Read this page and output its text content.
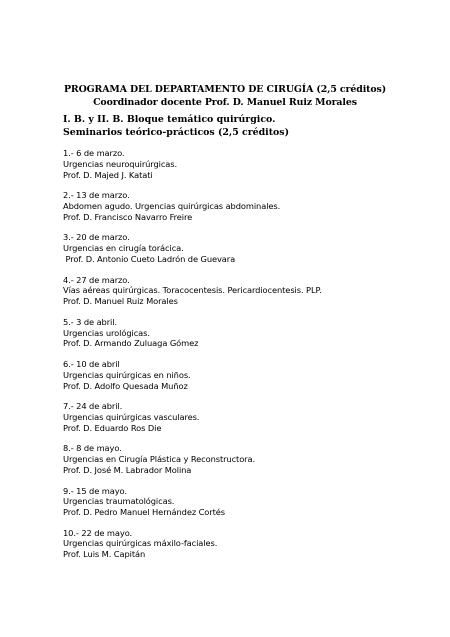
PROGRAMA DEL DEPARTAMENTO DE CIRUGÍA (2,5 créditos)
Coordinador docente Prof. D. Manuel Ruiz Morales
I. B. y II. B. Bloque temático quirúrgico.
Seminarios teórico-prácticos (2,5 créditos)
1.- 6 de marzo.
Urgencias neuroquirúrgicas.
Prof. D. Majed J. Katati
2.- 13 de marzo.
Abdomen agudo. Urgencias quirúrgicas abdominales.
Prof. D. Francisco Navarro Freire
3.- 20 de marzo.
Urgencias en cirugía torácica.
Prof. D. Antonio Cueto Ladrón de Guevara
4.- 27 de marzo.
Vías aéreas quirúrgicas. Toracocentesis. Pericardiocentesis. PLP.
Prof. D. Manuel Ruiz Morales
5.- 3 de abril.
Urgencias urológicas.
Prof. D. Armando Zuluaga Gómez
6.- 10 de abril
Urgencias quirúrgicas en niños.
Prof. D. Adolfo Quesada Muñoz
7.- 24 de abril.
Urgencias quirúrgicas vasculares.
Prof. D. Eduardo Ros Die
8.- 8 de mayo.
Urgencias en Cirugía Plástica y Reconstructora.
Prof. D. José M. Labrador Molina
9.- 15 de mayo.
Urgencias traumatológicas.
Prof. D. Pedro Manuel Hernández Cortés
10.- 22 de mayo.
Urgencias quirúrgicas máxilo-faciales.
Prof. Luis M. Capitán
